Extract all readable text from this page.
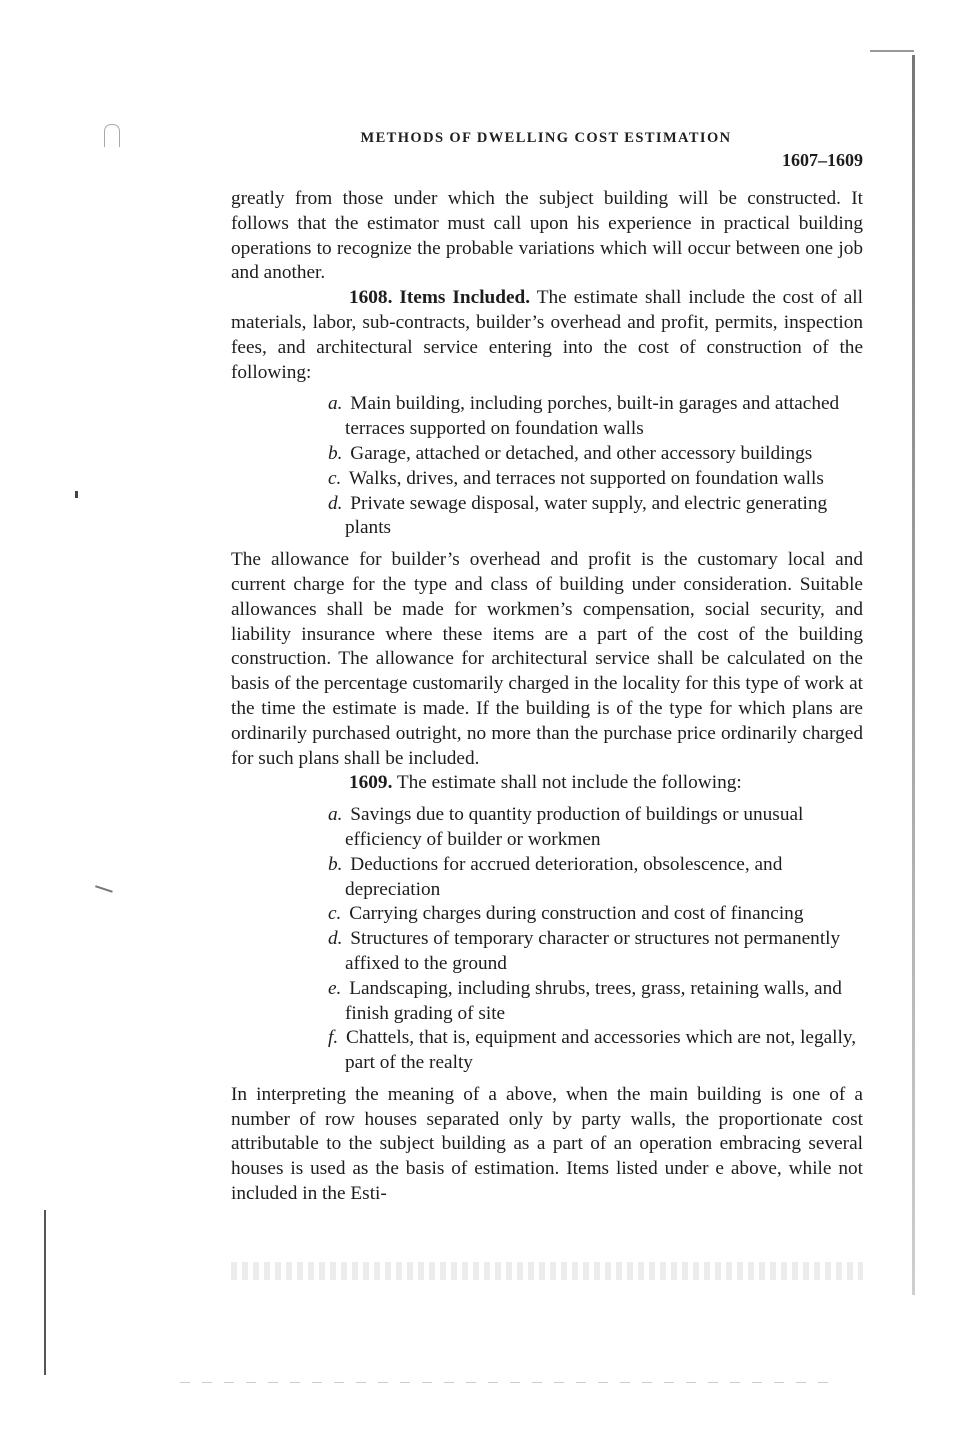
METHODS OF DWELLING COST ESTIMATION
1607–1609

greatly from those under which the subject building will be constructed. It follows that the estimator must call upon his experience in practical building operations to recognize the probable variations which will occur between one job and another.

1608. Items Included. The estimate shall include the cost of all materials, labor, sub-contracts, builder’s overhead and profit, permits, inspection fees, and architectural service entering into the cost of construction of the following:

a. Main building, including porches, built-in garages and attached terraces supported on foundation walls
b. Garage, attached or detached, and other accessory buildings
c. Walks, drives, and terraces not supported on foundation walls
d. Private sewage disposal, water supply, and electric generating plants

The allowance for builder’s overhead and profit is the customary local and current charge for the type and class of building under consideration. Suitable allowances shall be made for workmen’s compensation, social security, and liability insurance where these items are a part of the cost of the building construction. The allowance for architectural service shall be calculated on the basis of the percentage customarily charged in the locality for this type of work at the time the estimate is made. If the building is of the type for which plans are ordinarily purchased outright, no more than the purchase price ordinarily charged for such plans shall be included.

1609. The estimate shall not include the following:

a. Savings due to quantity production of buildings or unusual efficiency of builder or workmen
b. Deductions for accrued deterioration, obsolescence, and depreciation
c. Carrying charges during construction and cost of financing
d. Structures of temporary character or structures not permanently affixed to the ground
e. Landscaping, including shrubs, trees, grass, retaining walls, and finish grading of site
f. Chattels, that is, equipment and accessories which are not, legally, part of the realty

In interpreting the meaning of a above, when the main building is one of a number of row houses separated only by party walls, the proportionate cost attributable to the subject building as a part of an operation embracing several houses is used as the basis of estimation. Items listed under e above, while not included in the Esti-
